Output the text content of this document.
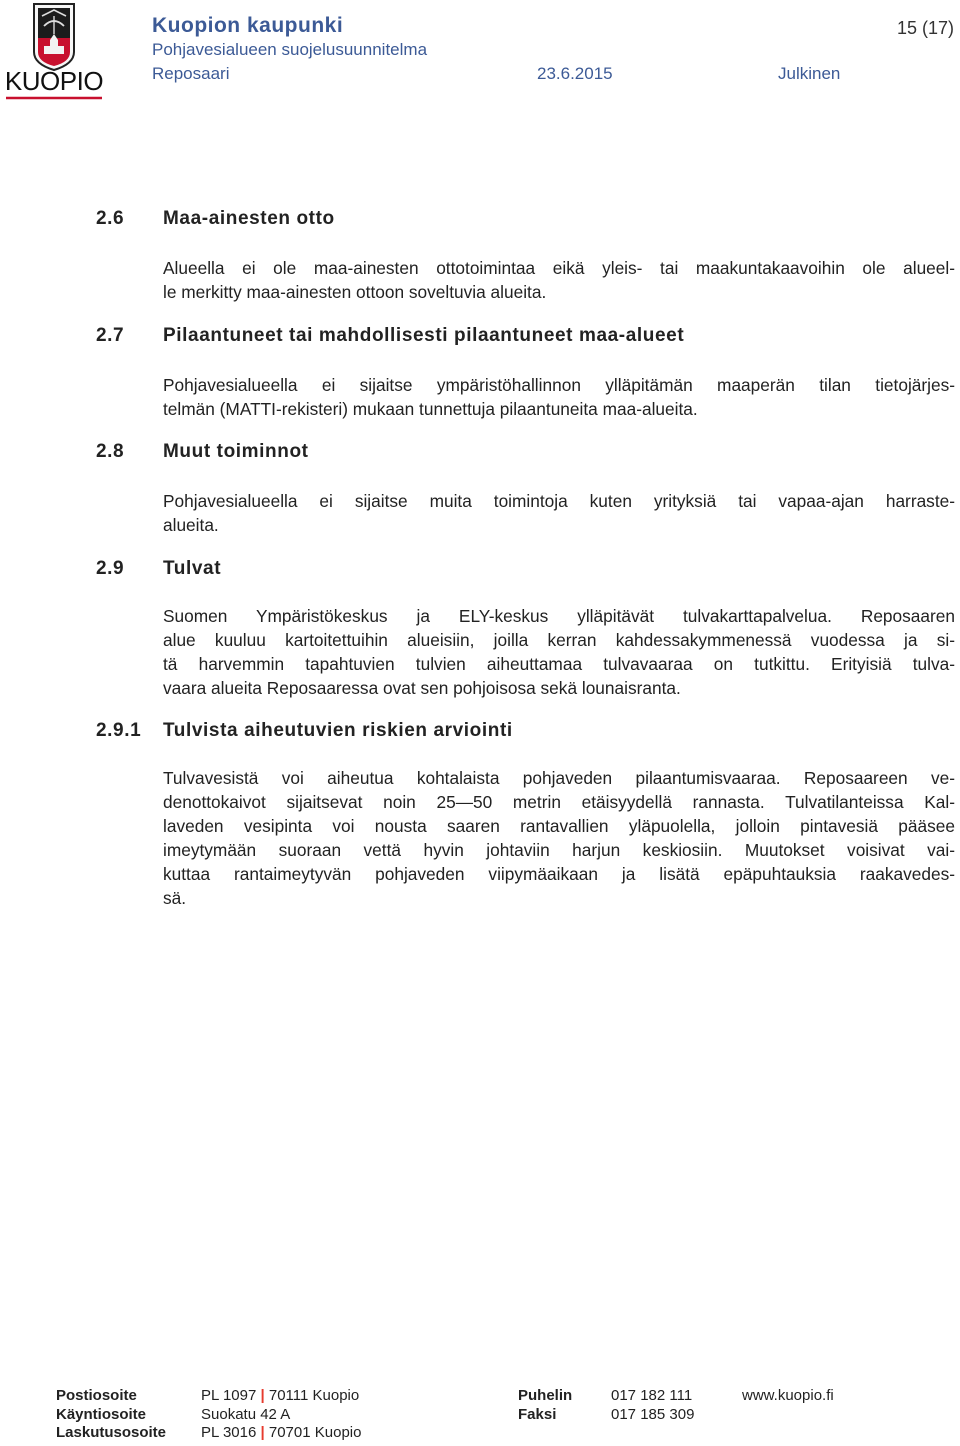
KUOPIO
Kuopion kaupunki
Pohjavesialueen suojelusuunnitelma
Reposaari	23.6.2015	Julkinen
15 (17)
2.6 Maa-ainesten otto
Alueella ei ole maa-ainesten ottotoimintaa eikä yleis- tai maakuntakaavoihin ole alueel-
le merkitty maa-ainesten ottoon soveltuvia alueita.
2.7 Pilaantuneet tai mahdollisesti pilaantuneet maa-alueet
Pohjavesialueella ei sijaitse ympäristöhallinnon ylläpitämän maaperän tilan tietojärjes-
telmän (MATTI-rekisteri) mukaan tunnettuja pilaantuneita maa-alueita.
2.8 Muut toiminnot
Pohjavesialueella ei sijaitse muita toimintoja kuten yrityksiä tai vapaa-ajan harraste-
alueita.
2.9 Tulvat
Suomen Ympäristökeskus ja ELY-keskus ylläpitävät tulvakarttapalvelua. Reposaaren
alue kuuluu kartoitettuihin alueisiin, joilla kerran kahdessakymmenessä vuodessa ja si-
tä harvemmin tapahtuvien tulvien aiheuttamaa tulvavaaraa on tutkittu. Erityisiä tulva-
vaara alueita Reposaaressa ovat sen pohjoisosa sekä lounaisranta.
2.9.1 Tulvista aiheutuvien riskien arviointi
Tulvavesistä voi aiheutua kohtalaista pohjaveden pilaantumisvaaraa. Reposaareen ve-
denottokaivot sijaitsevat noin 25—50 metrin etäisyydellä rannasta. Tulvatilanteissa Kal-
laveden vesipinta voi nousta saaren rantavallien yläpuolella, jolloin pintavesiä pääsee
imeytymään suoraan vettä hyvin johtaviin harjun keskiosiin. Muutokset voisivat vai-
kuttaa rantaimeytyvän pohjaveden viipymäaikaan ja lisätä epäpuhtauksia raakavedes-
sä.
Postiosoite
Käyntiosoite
Laskutusosoite
PL 1097 | 70111 Kuopio
Suokatu 42 A
PL 3016 | 70701 Kuopio
Puhelin
Faksi
017 182 111
017 185 309
www.kuopio.fi
